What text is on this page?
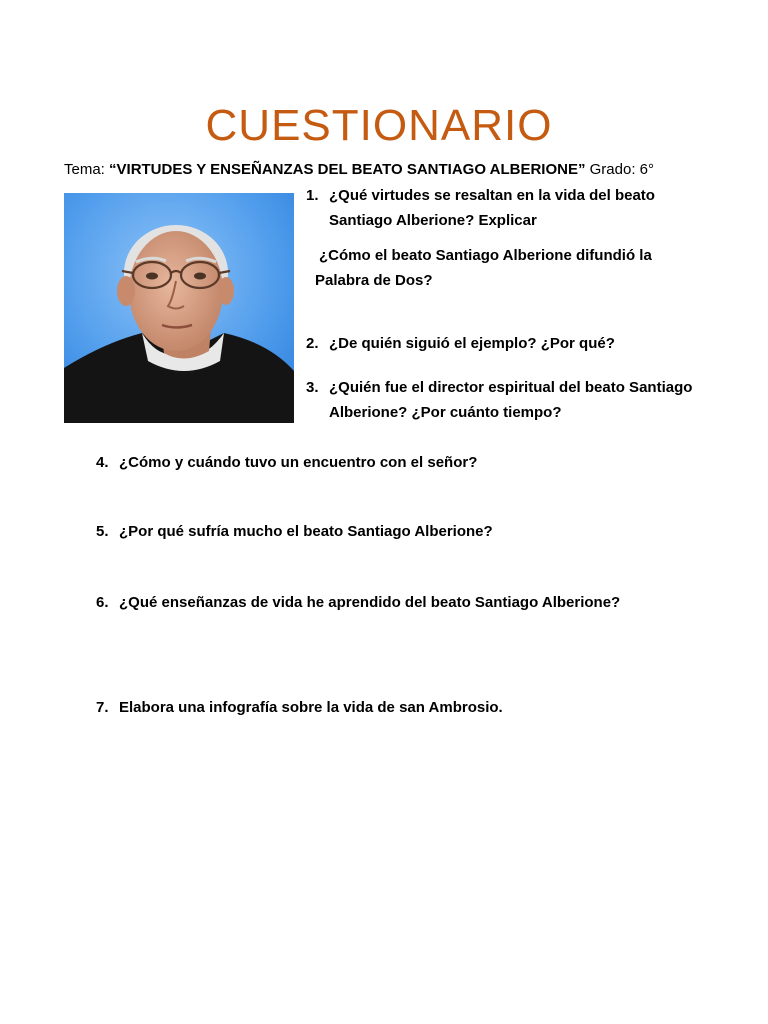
CUESTIONARIO
Tema: “VIRTUDES Y ENSEÑANZAS DEL BEATO SANTIAGO ALBERIONE” Grado: 6°
1. ¿Qué virtudes se resaltan en la vida del beato Santiago Alberione? Explicar
¿Cómo el beato Santiago Alberione difundió la Palabra de Dos?
2. ¿De quién siguió el ejemplo? ¿Por qué?
3. ¿Quién fue el director espiritual del beato Santiago Alberione? ¿Por cuánto tiempo?
4. ¿Cómo y cuándo tuvo un encuentro con el señor?
5. ¿Por qué sufría mucho el beato Santiago Alberione?
6. ¿Qué enseñanzas de vida he aprendido del beato Santiago Alberione?
7. Elabora una infografía sobre la vida de san Ambrosio.
